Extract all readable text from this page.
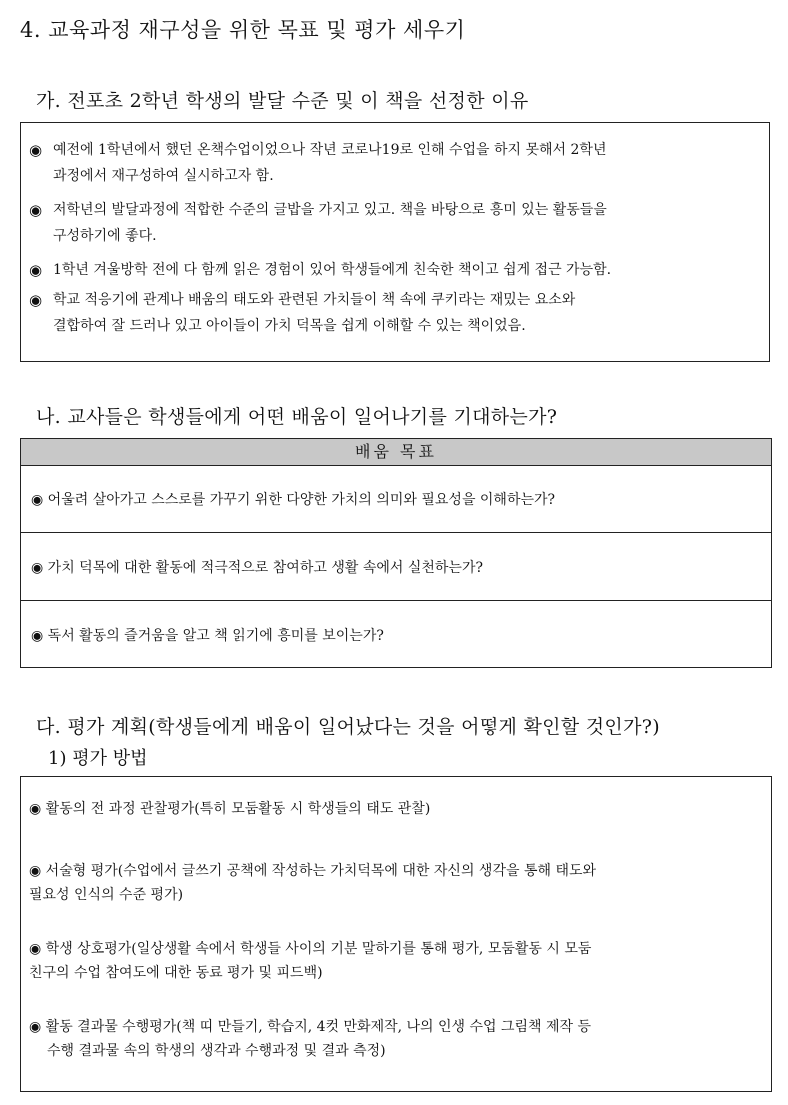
4. 교육과정 재구성을 위한 목표 및 평가 세우기
가. 전포초 2학년 학생의 발달 수준 및 이 책을 선정한 이유
◉ 예전에 1학년에서 했던 온책수업이었으나 작년 코로나19로 인해 수업을 하지 못해서 2학년
과정에서 재구성하여 실시하고자 함.
◉ 저학년의 발달과정에 적합한 수준의 글밥을 가지고 있고. 책을 바탕으로 흥미 있는 활동들을
구성하기에 좋다.
◉ 1학년 겨울방학 전에 다 함께 읽은 경험이 있어 학생들에게 친숙한 책이고 쉽게 접근 가능함.
◉ 학교 적응기에 관계나 배움의 태도와 관련된 가치들이 책 속에 쿠키라는 재밌는 요소와
결합하여 잘 드러나 있고 아이들이 가치 덕목을 쉽게 이해할 수 있는 책이었음.
나. 교사들은 학생들에게 어떤 배움이 일어나기를 기대하는가?
배움 목표
◉ 어울려 살아가고 스스로를 가꾸기 위한 다양한 가치의 의미와 필요성을 이해하는가?
◉ 가치 덕목에 대한 활동에 적극적으로 참여하고 생활 속에서 실천하는가?
◉ 독서 활동의 즐거움을 알고 책 읽기에 흥미를 보이는가?
다. 평가 계획(학생들에게 배움이 일어났다는 것을 어떻게 확인할 것인가?)
1) 평가 방법
◉ 활동의 전 과정 관찰평가(특히 모둠활동 시 학생들의 태도 관찰)
◉ 서술형 평가(수업에서 글쓰기 공책에 작성하는 가치덕목에 대한 자신의 생각을 통해 태도와
필요성 인식의 수준 평가)
◉ 학생 상호평가(일상생활 속에서 학생들 사이의 기분 말하기를 통해 평가, 모둠활동 시 모둠
친구의 수업 참여도에 대한 동료 평가 및 피드백)
◉ 활동 결과물 수행평가(책 띠 만들기, 학습지, 4컷 만화제작, 나의 인생 수업 그림책 제작 등
수행 결과물 속의 학생의 생각과 수행과정 및 결과 측정)
